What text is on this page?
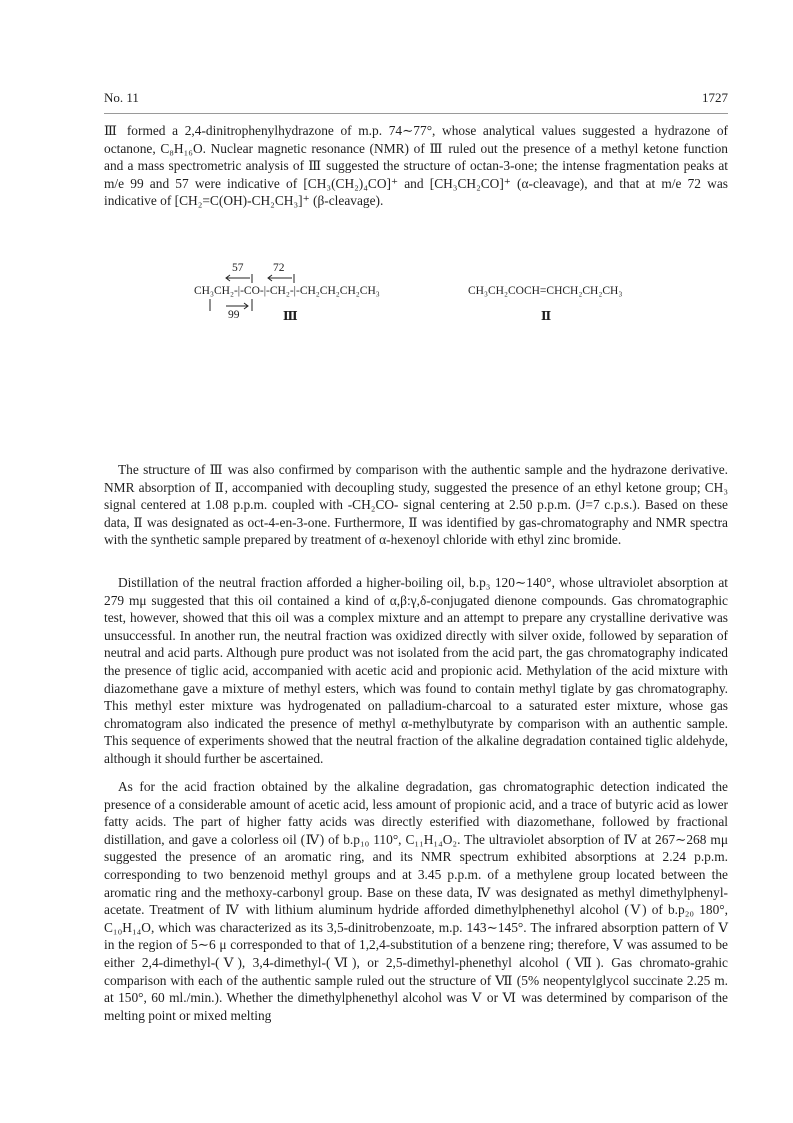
No. 11	1727

Ⅲ formed a 2,4-dinitrophenylhydrazone of m.p. 74∼77°, whose analytical values suggested a hydrazone of octanone, C₈H₁₆O. Nuclear magnetic resonance (NMR) of Ⅲ ruled out the presence of a methyl ketone function and a mass spectrometric analysis of Ⅲ suggested the structure of octan-3-one; the intense fragmentation peaks at m/e 99 and 57 were indicative of [CH₃(CH₂)₄CO]⁺ and [CH₃CH₂CO]⁺ (α-cleavage), and that at m/e 72 was indicative of [CH₂=C(OH)-CH₂CH₃]⁺ (β-cleavage).

57	72
CH₃CH₂-|-CO-|-CH₂-|-CH₂CH₂CH₂CH₃
99	Ⅲ
CH₃CH₂COCH=CHCH₂CH₂CH₃
Ⅱ

The structure of Ⅲ was also confirmed by comparison with the authentic sample and the hydrazone derivative. NMR absorption of Ⅱ, accompanied with decoupling study, suggested the presence of an ethyl ketone group; CH₃ signal centered at 1.08 p.p.m. coupled with -CH₂CO- signal centering at 2.50 p.p.m. (J=7 c.p.s.). Based on these data, Ⅱ was designated as oct-4-en-3-one. Furthermore, Ⅱ was identified by gas-chromatography and NMR spectra with the synthetic sample prepared by treatment of α-hexenoyl chloride with ethyl zinc bromide.

Distillation of the neutral fraction afforded a higher-boiling oil, b.p₃ 120∼140°, whose ultraviolet absorption at 279 mμ suggested that this oil contained a kind of α,β:γ,δ-conjugated dienone compounds. Gas chromatographic test, however, showed that this oil was a complex mixture and an attempt to prepare any crystalline derivative was unsuccessful. In another run, the neutral fraction was oxidized directly with silver oxide, followed by separation of neutral and acid parts. Although pure product was not isolated from the acid part, the gas chromatography indicated the presence of tiglic acid, accompanied with acetic acid and propionic acid. Methylation of the acid mixture with diazomethane gave a mixture of methyl esters, which was found to contain methyl tiglate by gas chromatography. This methyl ester mixture was hydrogenated on palladium-charcoal to a saturated ester mixture, whose gas chromatogram also indicated the presence of methyl α-methylbutyrate by comparison with an authentic sample. This sequence of experiments showed that the neutral fraction of the alkaline degradation contained tiglic aldehyde, although it should further be ascertained.

As for the acid fraction obtained by the alkaline degradation, gas chromatographic detection indicated the presence of a considerable amount of acetic acid, less amount of propionic acid, and a trace of butyric acid as lower fatty acids. The part of higher fatty acids was directly esterified with diazomethane, followed by fractional distillation, and gave a colorless oil (Ⅳ) of b.p₁₀ 110°, C₁₁H₁₄O₂. The ultraviolet absorption of Ⅳ at 267∼268 mμ suggested the presence of an aromatic ring, and its NMR spectrum exhibited absorptions at 2.24 p.p.m. corresponding to two benzenoid methyl groups and at 3.45 p.p.m. of a methylene group located between the aromatic ring and the methoxy-carbonyl group. Base on these data, Ⅳ was designated as methyl dimethylphenyl-acetate. Treatment of Ⅳ with lithium aluminum hydride afforded dimethylphenethyl alcohol (Ⅴ) of b.p₂₀ 180°, C₁₀H₁₄O, which was characterized as its 3,5-dinitrobenzoate, m.p. 143∼145°. The infrared absorption pattern of Ⅴ in the region of 5∼6 μ corresponded to that of 1,2,4-substitution of a benzene ring; therefore, Ⅴ was assumed to be either 2,4-dimethyl-(Ⅴ), 3,4-dimethyl-(Ⅵ), or 2,5-dimethyl-phenethyl alcohol (Ⅶ). Gas chromato-grahic comparison with each of the authentic sample ruled out the structure of Ⅶ (5% neopentylglycol succinate 2.25 m. at 150°, 60 ml./min.). Whether the dimethylphenethyl alcohol was Ⅴ or Ⅵ was determined by comparison of the melting point or mixed melting
